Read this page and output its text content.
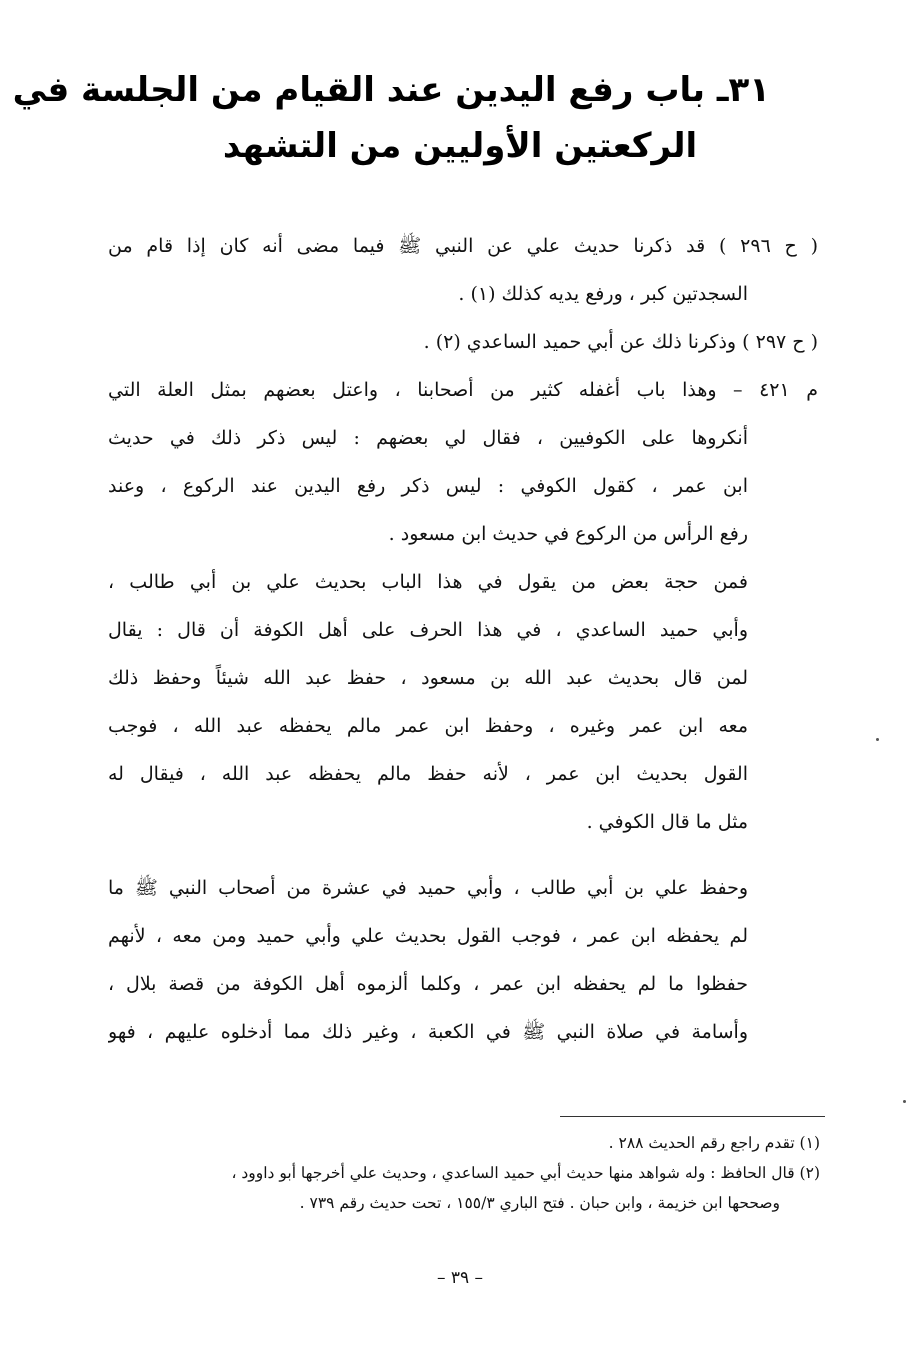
٣١ـ باب رفع اليدين عند القيام من الجلسة في
الركعتين الأوليين من التشهد
( ح ٢٩٦ ) قد ذكرنا حديث علي عن النبي ﷺ فيما مضى أنه كان إذا قام من
السجدتين كبر ، ورفع يديه كذلك (١) .
( ح ٢٩٧ ) وذكرنا ذلك عن أبي حميد الساعدي (٢) .
م ٤٢١ – وهذا باب أغفله كثير من أصحابنا ، واعتل بعضهم بمثل العلة التي
أنكروها على الكوفيين ، فقال لي بعضهم : ليس ذكر ذلك في حديث
ابن عمر ، كقول الكوفي : ليس ذكر رفع اليدين عند الركوع ، وعند
رفع الرأس من الركوع في حديث ابن مسعود .
فمن حجة بعض من يقول في هذا الباب بحديث علي بن أبي طالب ،
وأبي حميد الساعدي ، في هذا الحرف على أهل الكوفة أن قال : يقال
لمن قال بحديث عبد الله بن مسعود ، حفظ عبد الله شيئاً وحفظ ذلك
معه ابن عمر وغيره ، وحفظ ابن عمر مالم يحفظه عبد الله ، فوجب
القول بحديث ابن عمر ، لأنه حفظ مالم يحفظه عبد الله ، فيقال له
مثل ما قال الكوفي .
وحفظ علي بن أبي طالب ، وأبي حميد في عشرة من أصحاب النبي ﷺ ما
لم يحفظه ابن عمر ، فوجب القول بحديث علي وأبي حميد ومن معه ، لأنهم
حفظوا ما لم يحفظه ابن عمر ، وكلما ألزموه أهل الكوفة من قصة بلال ،
وأسامة في صلاة النبي ﷺ في الكعبة ، وغير ذلك مما أدخلوه عليهم ، فهو
(١) تقدم راجع رقم الحديث ٢٨٨ .
(٢) قال الحافظ : وله شواهد منها حديث أبي حميد الساعدي ، وحديث علي أخرجها أبو داوود ،
وصححها ابن خزيمة ، وابن حبان . فتح الباري ١٥٥/٣ ، تحت حديث رقم ٧٣٩ .
– ٣٩ –
